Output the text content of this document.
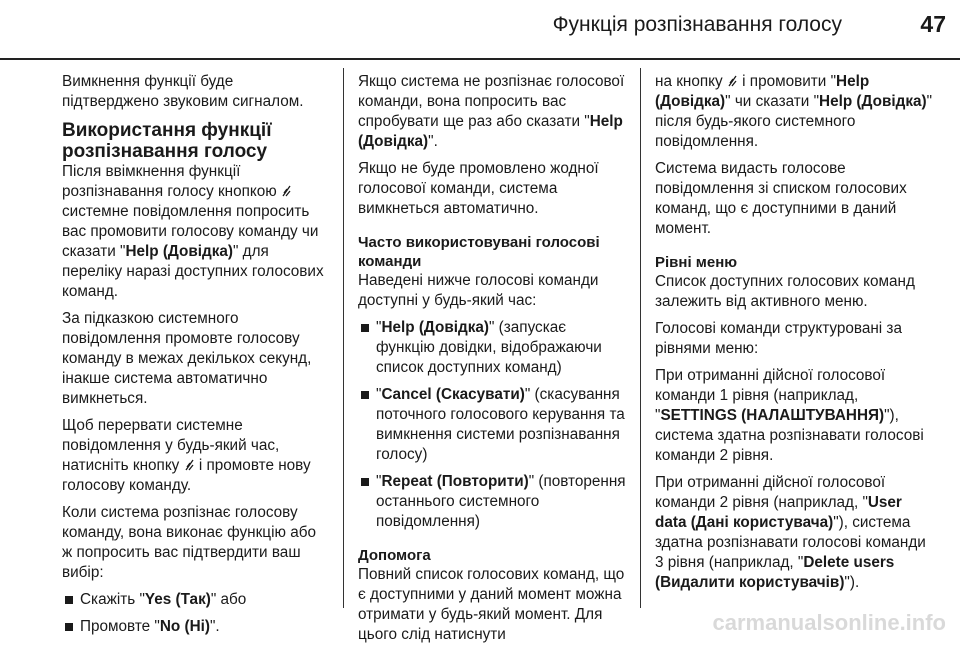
Функція розпізнавання голосу	47

Вимкнення функції буде підтверджено звуковим сигналом.

Використання функції розпізнавання голосу

Після ввімкнення функції розпізнавання голосу кнопкою  системне повідомлення попросить вас промовити голосову команду чи сказати "Help (Довідка)" для переліку наразі доступних голосових команд.

За підказкою системного повідомлення промовте голосову команду в межах декількох секунд, інакше система автоматично вимкнеться.

Щоб перервати системне повідомлення у будь-який час, натисніть кнопку і промовте нову голосову команду.

Коли система розпізнає голосову команду, вона виконає функцію або ж попросить вас підтвердити ваш вибір:

Скажіть "Yes (Так)" або
Промовте "No (Ні)".

Якщо система не розпізнає голосової команди, вона попросить вас спробувати ще раз або сказати "Help (Довідка)".

Якщо не буде промовлено жодної голосової команди, система вимкнеться автоматично.

Часто використовувані голосові команди

Наведені нижче голосові команди доступні у будь-який час:

"Help (Довідка)" (запускає функцію довідки, відображаючи список доступних команд)
"Cancel (Скасувати)" (скасування поточного голосового керування та вимкнення системи розпізнавання голосу)
"Repeat (Повторити)" (повторення останнього системного повідомлення)
Допомога

Повний список голосових команд, що є доступними у даний момент можна отримати у будь-який момент. Для цього слід натиснути

на кнопку і промовити "Help (Довідка)" чи сказати "Help (Довідка)" після будь-якого системного повідомлення.

Система видасть голосове повідомлення зі списком голосових команд, що є доступними в даний момент.

Рівні меню

Список доступних голосових команд залежить від активного меню.

Голосові команди структуровані за рівнями меню:

При отриманні дійсної голосової команди 1 рівня (наприклад, "SETTINGS (НАЛАШТУВАННЯ)"), система здатна розпізнавати голосові команди 2 рівня.

При отриманні дійсної голосової команди 2 рівня (наприклад, "User data (Дані користувача)"), система здатна розпізнавати голосові команди 3 рівня (наприклад, "Delete users (Видалити користувачів)").

carmanualsonline.info
